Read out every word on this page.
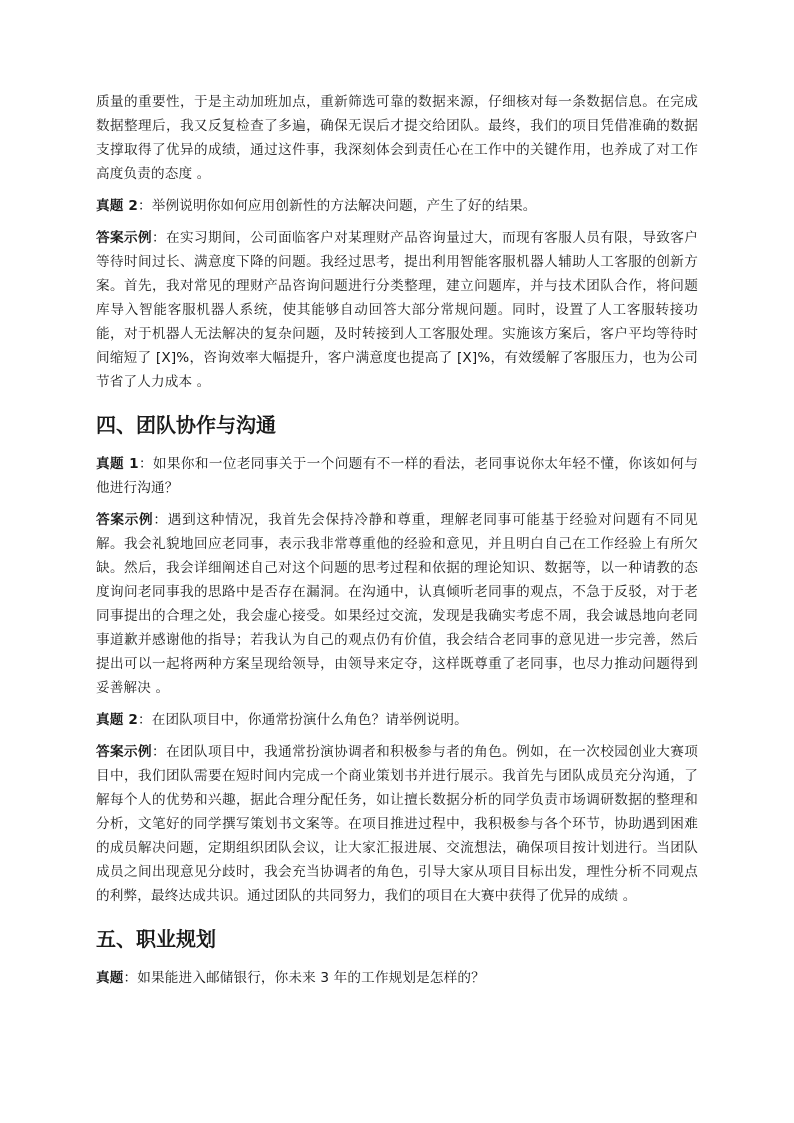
质量的重要性，于是主动加班加点，重新筛选可靠的数据来源，仔细核对每一条数据信息。在完成数据整理后，我又反复检查了多遍，确保无误后才提交给团队。最终，我们的项目凭借准确的数据支撑取得了优异的成绩，通过这件事，我深刻体会到责任心在工作中的关键作用，也养成了对工作高度负责的态度 。

真题 2：举例说明你如何应用创新性的方法解决问题，产生了好的结果。

答案示例：在实习期间，公司面临客户对某理财产品咨询量过大，而现有客服人员有限，导致客户等待时间过长、满意度下降的问题。我经过思考，提出利用智能客服机器人辅助人工客服的创新方案。首先，我对常见的理财产品咨询问题进行分类整理，建立问题库，并与技术团队合作，将问题库导入智能客服机器人系统，使其能够自动回答大部分常规问题。同时，设置了人工客服转接功能，对于机器人无法解决的复杂问题，及时转接到人工客服处理。实施该方案后，客户平均等待时间缩短了 [X]%，咨询效率大幅提升，客户满意度也提高了 [X]%，有效缓解了客服压力，也为公司节省了人力成本 。

四、团队协作与沟通

真题 1：如果你和一位老同事关于一个问题有不一样的看法，老同事说你太年轻不懂，你该如何与他进行沟通？

答案示例：遇到这种情况，我首先会保持冷静和尊重，理解老同事可能基于经验对问题有不同见解。我会礼貌地回应老同事，表示我非常尊重他的经验和意见，并且明白自己在工作经验上有所欠缺。然后，我会详细阐述自己对这个问题的思考过程和依据的理论知识、数据等，以一种请教的态度询问老同事我的思路中是否存在漏洞。在沟通中，认真倾听老同事的观点，不急于反驳，对于老同事提出的合理之处，我会虚心接受。如果经过交流，发现是我确实考虑不周，我会诚恳地向老同事道歉并感谢他的指导；若我认为自己的观点仍有价值，我会结合老同事的意见进一步完善，然后提出可以一起将两种方案呈现给领导，由领导来定夺，这样既尊重了老同事，也尽力推动问题得到妥善解决 。

真题 2：在团队项目中，你通常扮演什么角色？请举例说明。

答案示例：在团队项目中，我通常扮演协调者和积极参与者的角色。例如，在一次校园创业大赛项目中，我们团队需要在短时间内完成一个商业策划书并进行展示。我首先与团队成员充分沟通，了解每个人的优势和兴趣，据此合理分配任务，如让擅长数据分析的同学负责市场调研数据的整理和分析，文笔好的同学撰写策划书文案等。在项目推进过程中，我积极参与各个环节，协助遇到困难的成员解决问题，定期组织团队会议，让大家汇报进展、交流想法，确保项目按计划进行。当团队成员之间出现意见分歧时，我会充当协调者的角色，引导大家从项目目标出发，理性分析不同观点的利弊，最终达成共识。通过团队的共同努力，我们的项目在大赛中获得了优异的成绩 。

五、职业规划

真题：如果能进入邮储银行，你未来 3 年的工作规划是怎样的？
